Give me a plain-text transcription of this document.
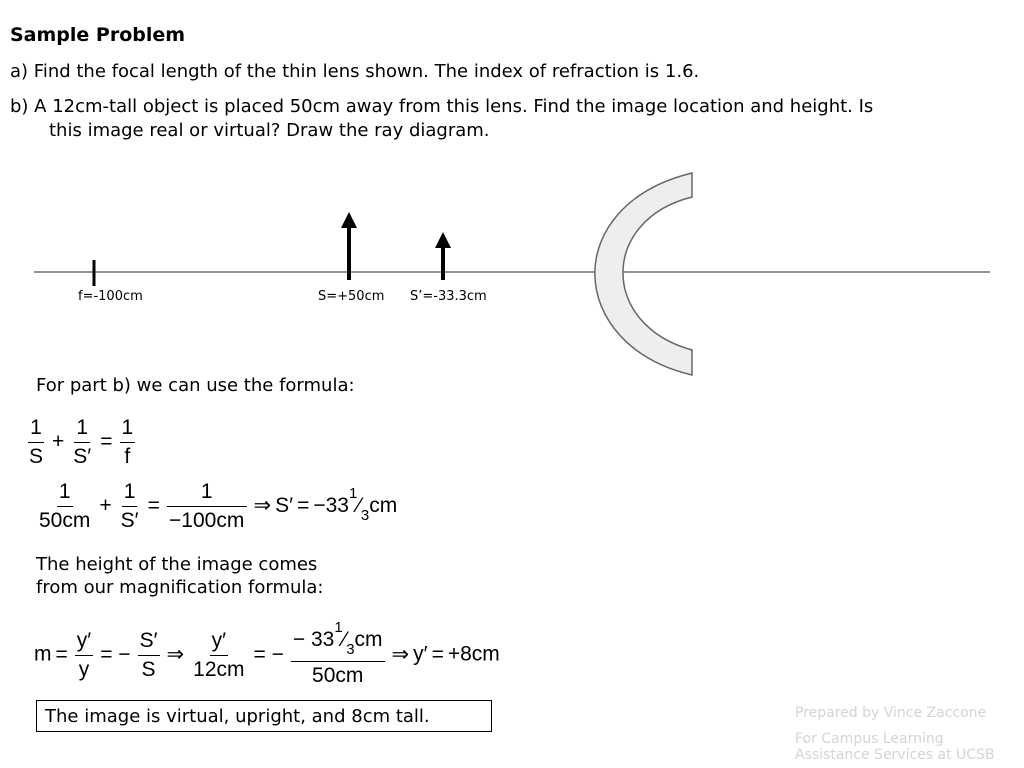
Sample Problem
a) Find the focal length of the thin lens shown. The index of refraction is 1.6.
b) A 12cm-tall object is placed 50cm away from this lens. Find the image location and height. Is
this image real or virtual? Draw the ray diagram.
f=-100cm	S=+50cm S’=-33.3cm
For part b) we can use the formula:
$\frac{1}{S} + \frac{1}{S'} = \frac{1}{f}$
$\frac{1}{50cm} + \frac{1}{S'} = \frac{1}{-100cm}$ ⇒ $S' = -33^1⁄_3cm$
The height of the image comes
from our magnification formula:
$m = \frac{y'}{y}$ = − $\frac{S'}{S}$ ⇒ $\frac{y'}{12cm}$ = − $\frac{- 33^1⁄_3cm}{50cm}$ ⇒ y′ = +8cm
The image is virtual, upright, and 8cm tall.	Prepared by Vince Zaccone
For Campus Learning
Assistance Services at UCSB
